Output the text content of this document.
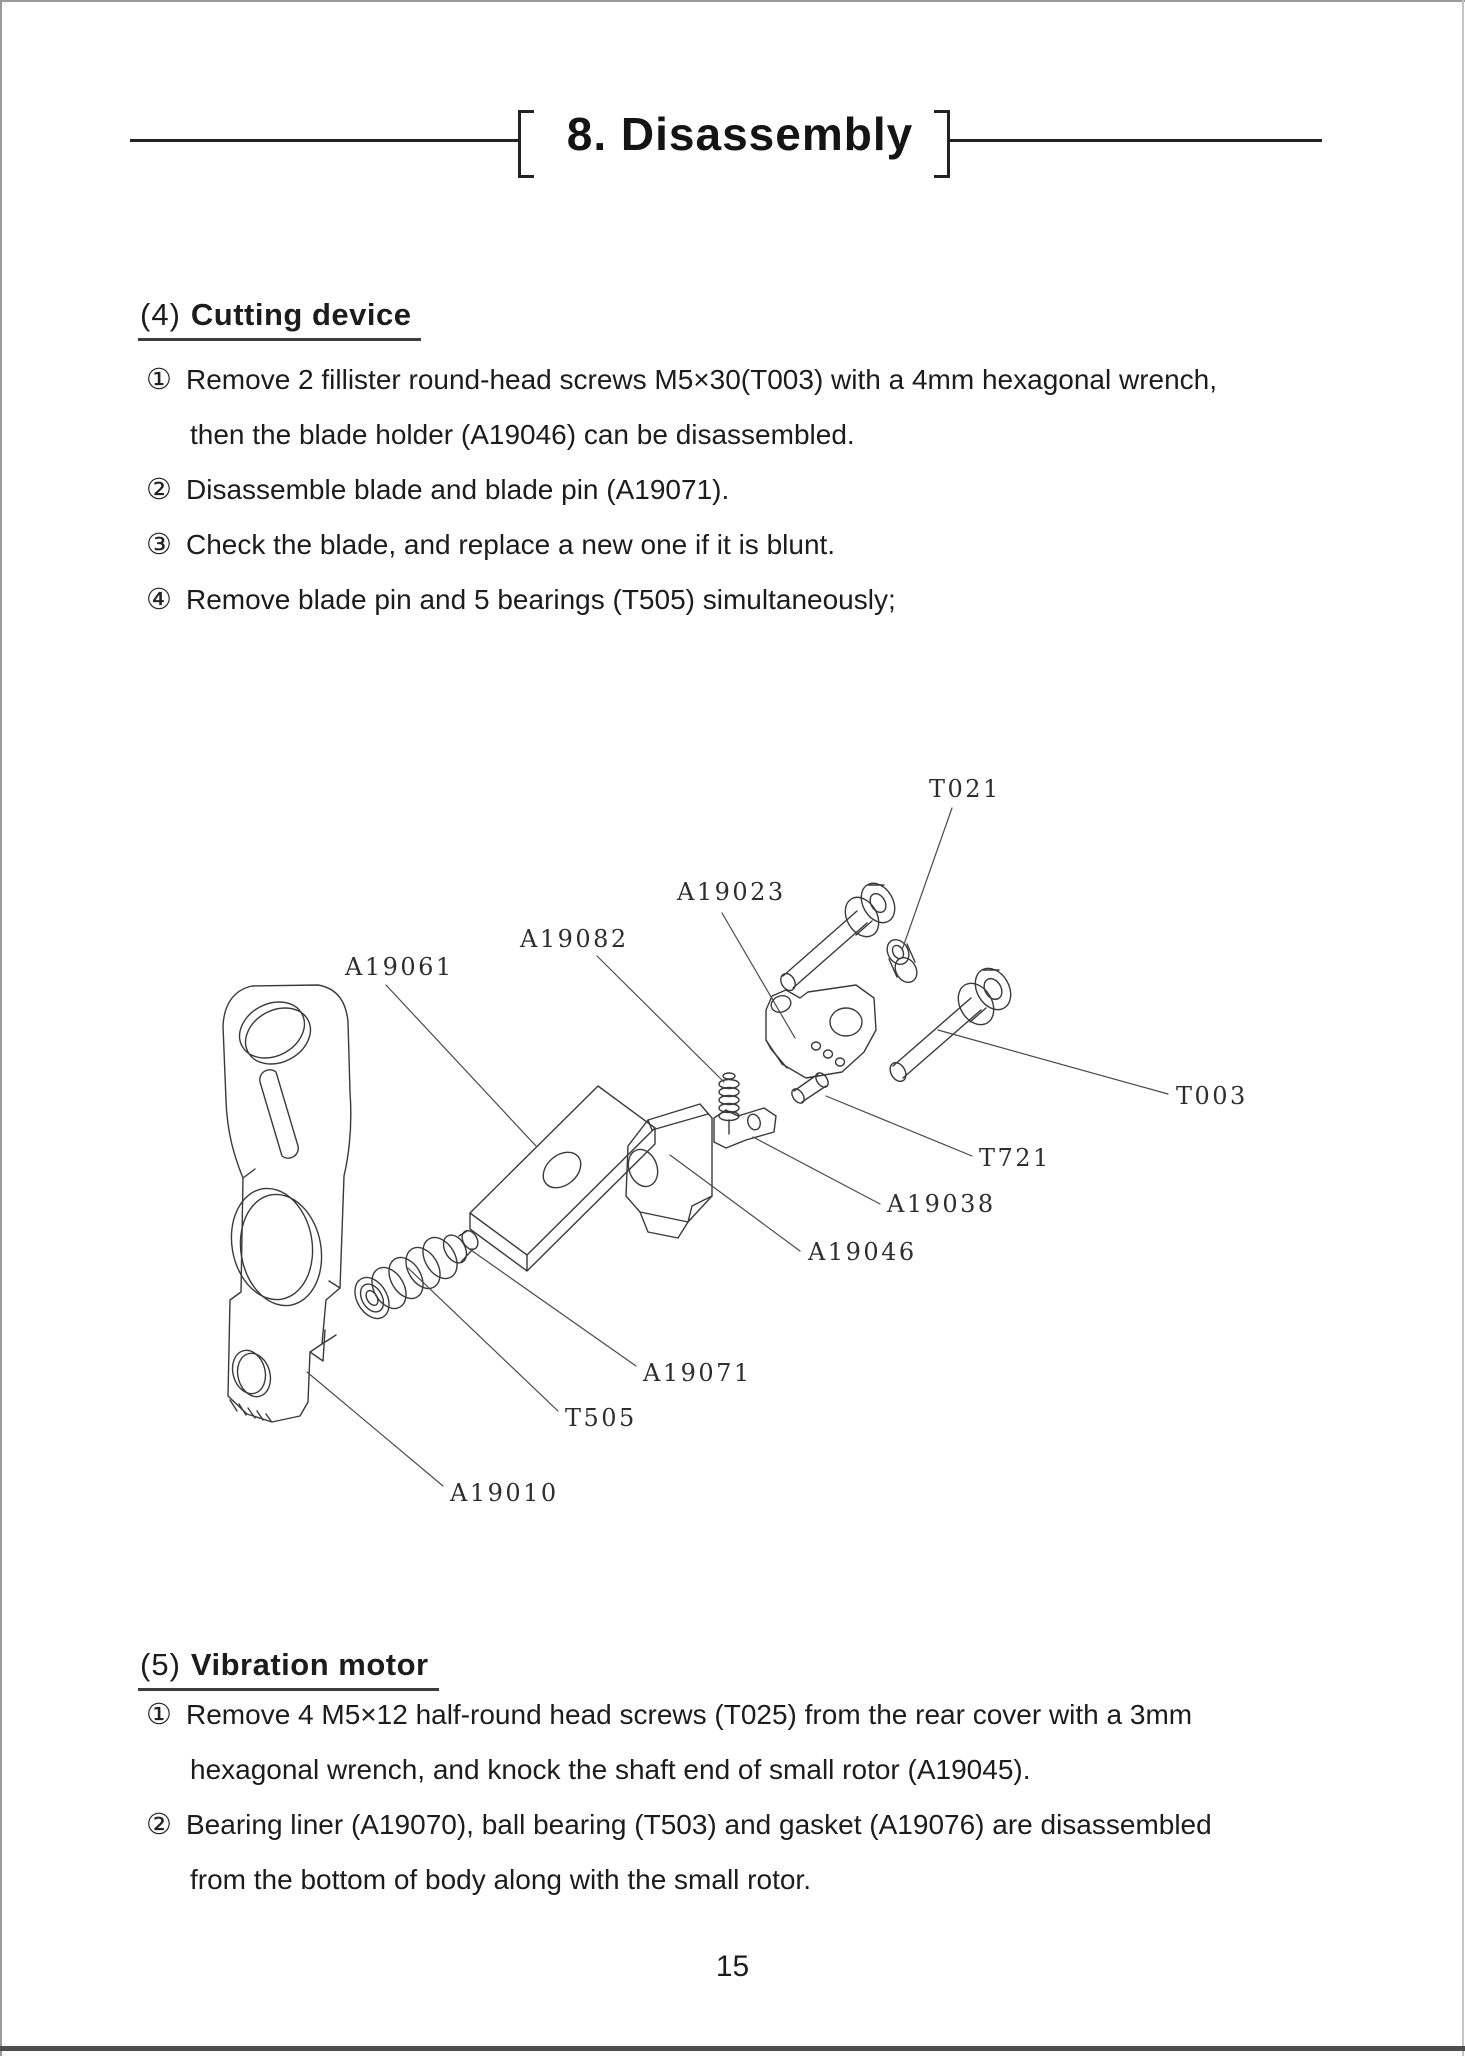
8. Disassembly
(4) Cutting device
① Remove 2 fillister round-head screws M5×30(T003) with a 4mm hexagonal wrench,
then the blade holder (A19046) can be disassembled.
② Disassemble blade and blade pin (A19071).
③ Check the blade, and replace a new one if it is blunt.
④ Remove blade pin and 5 bearings (T505) simultaneously;
T021
A19023
A19082
A19061
T003
T721
A19038
A19046
A19071
T505
A19010
(5) Vibration motor
① Remove 4 M5×12 half-round head screws (T025) from the rear cover with a 3mm
hexagonal wrench, and knock the shaft end of small rotor (A19045).
② Bearing liner (A19070), ball bearing (T503) and gasket (A19076) are disassembled
from the bottom of body along with the small rotor.
15
